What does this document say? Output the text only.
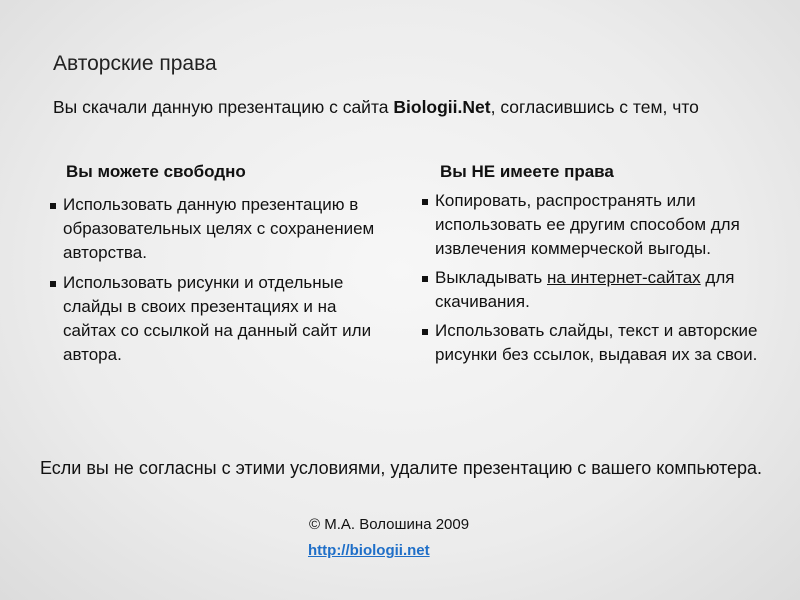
Авторские права
Вы скачали данную презентацию с сайта Biologii.Net, согласившись с тем, что
Вы можете свободно	Вы НЕ имеете права
Использовать данную презентацию в образовательных целях с сохранением авторства.
Использовать рисунки и отдельные слайды в своих презентациях и на сайтах со ссылкой на данный сайт или автора.
Копировать, распространять или использовать ее другим способом для извлечения коммерческой выгоды.
Выкладывать на интернет-сайтах для скачивания.
Использовать слайды, текст и авторские рисунки без ссылок, выдавая их за свои.
Если вы не согласны с этими условиями, удалите презентацию с вашего компьютера.
© М.А. Волошина 2009
http://biologii.net
